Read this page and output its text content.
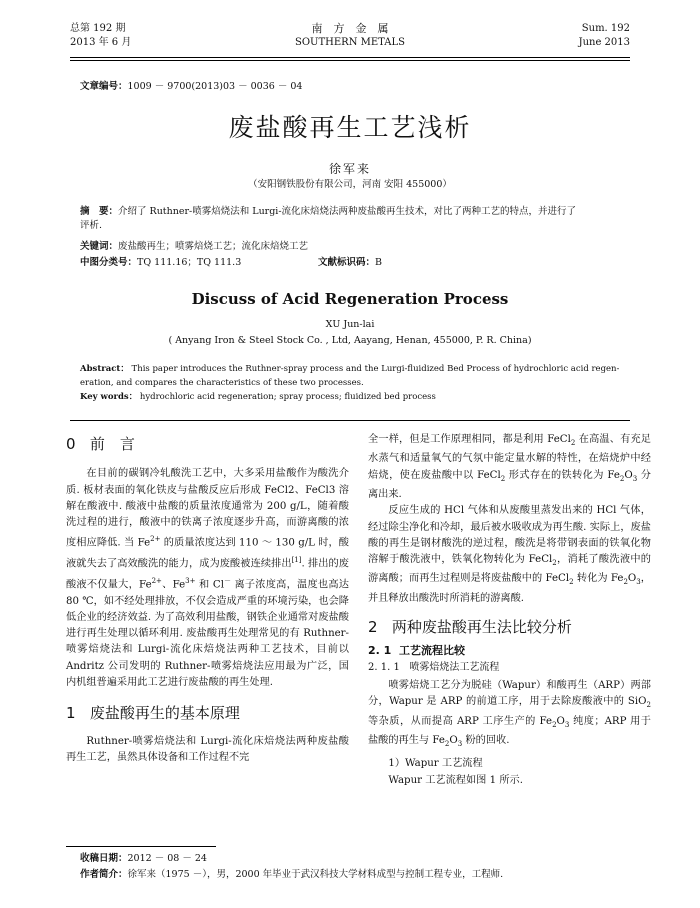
总第 192 期
2013 年 6 月
南　方　金　属
SOUTHERN METALS
Sum. 192
June 2013
文章编号：1009 － 9700(2013)03 － 0036 － 04
废盐酸再生工艺浅析
徐军来
（安阳钢铁股份有限公司，河南 安阳 455000）
摘　要：介绍了 Ruthner-喷雾焙烧法和 Lurgi-流化床焙烧法两种废盐酸再生技术，对比了两种工艺的特点，并进行了
评析.
关键词：废盐酸再生；喷雾焙烧工艺；流化床焙烧工艺
中图分类号：TQ 111.16；TQ 111.3	文献标识码：B
Discuss of Acid Regeneration Process
XU Jun-lai
( Anyang Iron & Steel Stock Co. , Ltd, Aayang, Henan, 455000, P. R. China)
Abstract： This paper introduces the Ruthner-spray process and the Lurgi-fluidized Bed Process of hydrochloric acid regen-
eration, and compares the characteristics of these two processes.
Key words： hydrochloric acid regeneration; spray process; fluidized bed process
0 前　言

在目前的碳钢冷轧酸洗工艺中，大多采用盐酸作为酸洗介质. 板材表面的氧化铁皮与盐酸反应后形成 FeCl2、FeCl3 溶解在酸液中. 酸液中盐酸的质量浓度通常为 200 g/L，随着酸洗过程的进行，酸液中的铁离子浓度逐步升高，而游离酸的浓度相应降低. 当 $Fe^{2+}$ 的质量浓度达到 110 ～ 130 g/L 时，酸液就失去了高效酸洗的能力，成为废酸被连续排出[1]. 排出的废酸液不仅量大，$Fe^{2+}$、$Fe^{3+}$ 和 Cl－ 离子浓度高，温度也高达 80 ℃，如不经处理排放，不仅会造成严重的环境污染，也会降低企业的经济效益. 为了高效利用盐酸，钢铁企业通常对废盐酸进行再生处理以循环利用. 废盐酸再生处理常见的有 Ruthner-喷雾焙烧法和 Lurgi-流化床焙烧法两种工艺技术，目前以 Andritz 公司发明的 Ruthner-喷雾焙烧法应用最为广泛，国内机组普遍采用此工艺进行废盐酸的再生处理.

1 废盐酸再生的基本原理

Ruthner-喷雾焙烧法和 Lurgi-流化床焙烧法两种废盐酸再生工艺，虽然具体设备和工作过程不完

全一样，但是工作原理相同，都是利用 FeCl$_2$ 在高温、有充足水蒸气和适量氧气的气氛中能定量水解的特性，在焙烧炉中经焙烧，使在废盐酸中以 FeCl$_2$ 形式存在的铁转化为 $Fe_2O_3$ 分离出来.

反应生成的 HCl 气体和从废酸里蒸发出来的 HCl 气体，经过除尘净化和冷却，最后被水吸收成为再生酸. 实际上，废盐酸的再生是钢材酸洗的逆过程，酸洗是将带钢表面的铁氧化物溶解于酸洗液中，铁氧化物转化为 FeCl$_2$，消耗了酸洗液中的游离酸；而再生过程则是将废盐酸中的 FeCl$_2$ 转化为 $Fe_2O_3$，并且释放出酸洗时所消耗的游离酸.

2 两种废盐酸再生法比较分析
2. 1 工艺流程比较
2. 1. 1 喷雾焙烧法工艺流程

喷雾焙烧工艺分为脱硅（Wapur）和酸再生（ARP）两部分，Wapur 是 ARP 的前道工序，用于去除废酸液中的 SiO$_2$ 等杂质，从而提高 ARP 工序生产的 $Fe_2O_3$ 纯度；ARP 用于盐酸的再生与 $Fe_2O_3$ 粉的回收.

1）Wapur 工艺流程

Wapur 工艺流程如图 1 所示.

收稿日期：2012 － 08 － 24
作者简介：徐军来（1975 －），男，2000 年毕业于武汉科技大学材料成型与控制工程专业，工程师.
